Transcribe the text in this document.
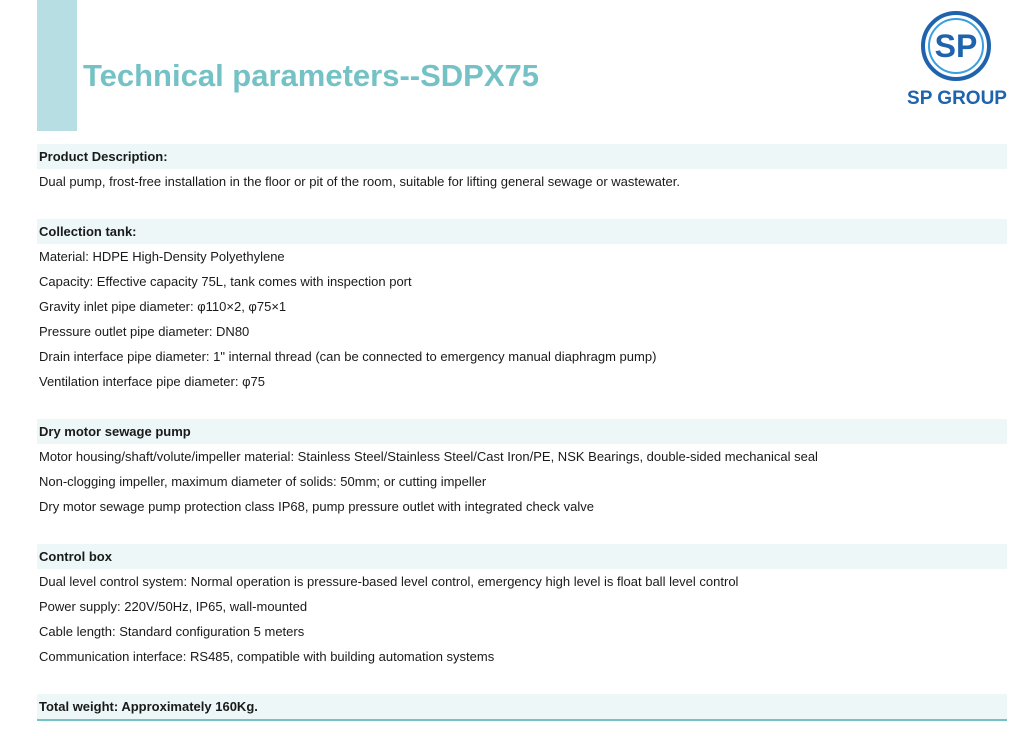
Technical parameters--SDPX75
SP
SP GROUP
Product Description:
Dual pump, frost-free installation in the floor or pit of the room, suitable for lifting general sewage or wastewater.
Collection tank:
Material: HDPE High-Density Polyethylene
Capacity: Effective capacity 75L, tank comes with inspection port
Gravity inlet pipe diameter: φ110×2, φ75×1
Pressure outlet pipe diameter: DN80
Drain interface pipe diameter: 1" internal thread (can be connected to emergency manual diaphragm pump)
Ventilation interface pipe diameter: φ75
Dry motor sewage pump
Motor housing/shaft/volute/impeller material: Stainless Steel/Stainless Steel/Cast Iron/PE, NSK Bearings, double-sided mechanical seal
Non-clogging impeller, maximum diameter of solids: 50mm; or cutting impeller
Dry motor sewage pump protection class IP68, pump pressure outlet with integrated check valve
Control box
Dual level control system: Normal operation is pressure-based level control, emergency high level is float ball level control
Power supply: 220V/50Hz, IP65, wall-mounted
Cable length: Standard configuration 5 meters
Communication interface: RS485, compatible with building automation systems
Total weight: Approximately 160Kg.
